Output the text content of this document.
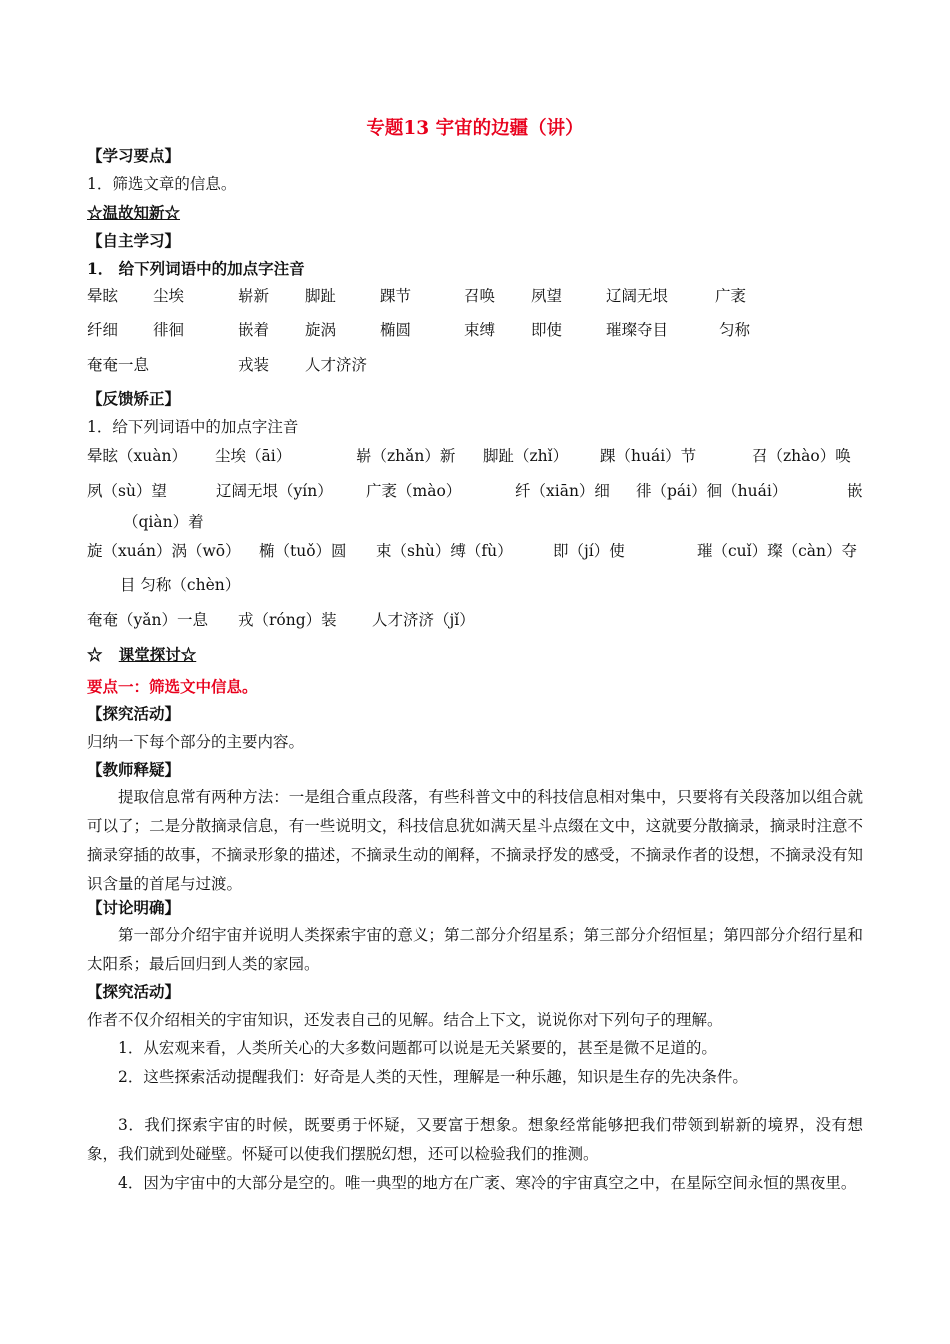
专题13 宇宙的边疆（讲）
【学习要点】
1．筛选文章的信息。
☆温故知新☆
【自主学习】
1． 给下列词语中的加点字注音
晕眩 尘埃	崭新 脚趾	踝节	召唤 夙望	辽阔无垠	广袤
纤细 徘徊	嵌着 旋涡	椭圆	束缚 即使	璀璨夺目	匀称
奄奄一息	戎装 人才济济
【反馈矫正】
1．给下列词语中的加点字注音
晕眩（xuàn） 尘埃（āi）	崭（zhǎn）新 脚趾（zhǐ） 踝（huái）节	召（zhào）唤
夙（sù）望	辽阔无垠（yín） 广袤（mào）	纤（xiān）细 徘（pái）徊（huái）	嵌
（qiàn）着
旋（xuán）涡（wō） 椭（tuǒ）圆 束（shù）缚（fù）	即（jí）使	璀（cuǐ）璨（càn）夺
目 匀称（chèn）
奄奄（yǎn）一息 戎（róng）装 人才济济（jǐ）
☆ 课堂探讨☆
要点一：筛选文中信息。
【探究活动】
归纳一下每个部分的主要内容。
【教师释疑】
提取信息常有两种方法：一是组合重点段落，有些科普文中的科技信息相对集中，只要将有关段落加以组合就可以了；二是分散摘录信息，有一些说明文，科技信息犹如满天星斗点缀在文中，这就要分散摘录，摘录时注意不摘录穿插的故事，不摘录形象的描述，不摘录生动的阐释，不摘录抒发的感受，不摘录作者的设想，不摘录没有知识含量的首尾与过渡。
【讨论明确】
第一部分介绍宇宙并说明人类探索宇宙的意义；第二部分介绍星系；第三部分介绍恒星；第四部分介绍行星和太阳系；最后回归到人类的家园。
【探究活动】
作者不仅介绍相关的宇宙知识，还发表自己的见解。结合上下文，说说你对下列句子的理解。
1．从宏观来看，人类所关心的大多数问题都可以说是无关紧要的，甚至是微不足道的。
2．这些探索活动提醒我们：好奇是人类的天性，理解是一种乐趣，知识是生存的先决条件。
3．我们探索宇宙的时候，既要勇于怀疑，又要富于想象。想象经常能够把我们带领到崭新的境界，没有想象，我们就到处碰壁。怀疑可以使我们摆脱幻想，还可以检验我们的推测。
4．因为宇宙中的大部分是空的。唯一典型的地方在广袤、寒冷的宇宙真空之中，在星际空间永恒的黑夜里。
